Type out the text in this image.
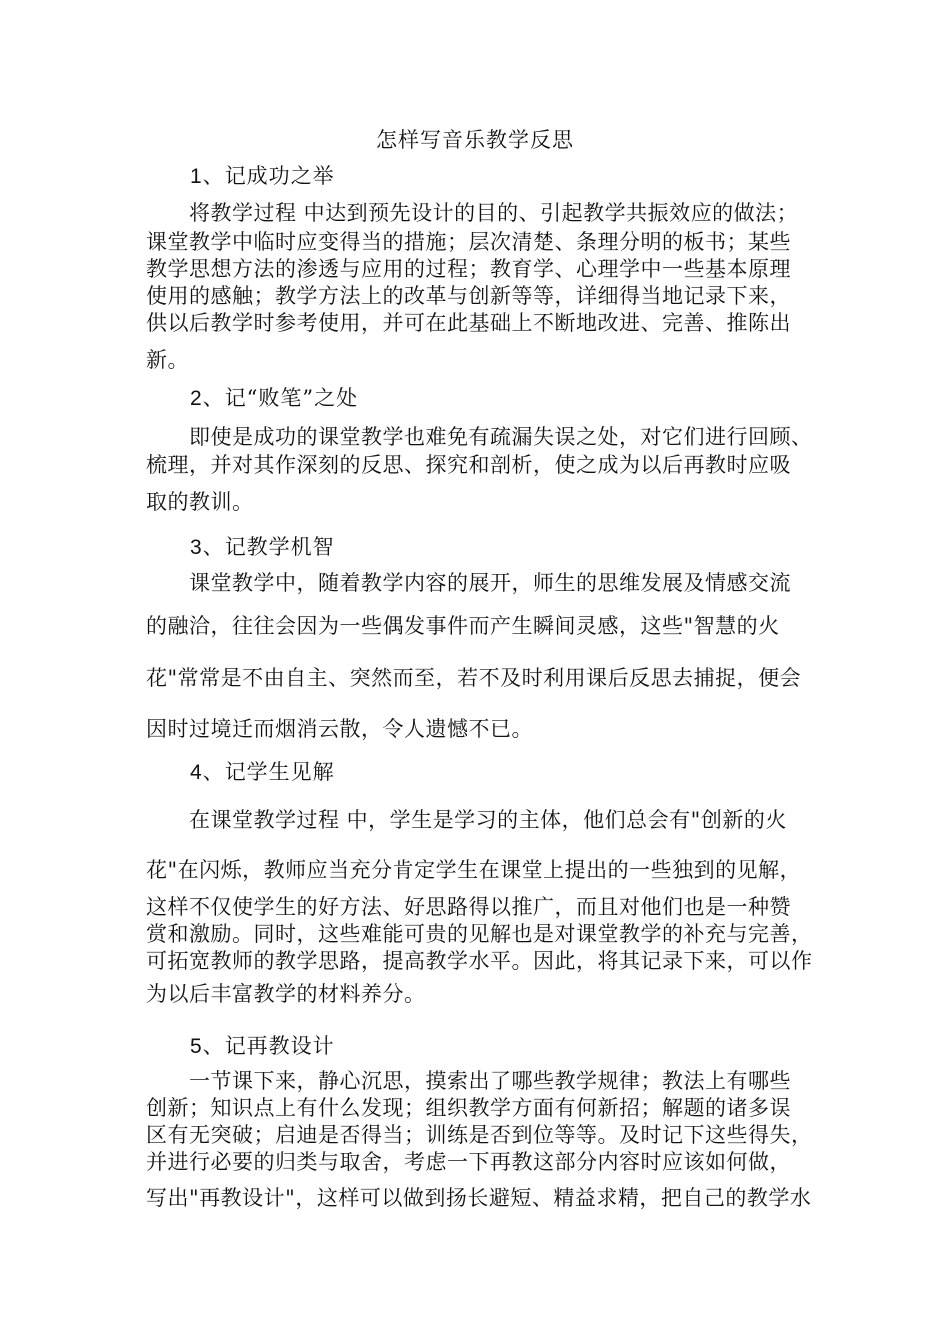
怎样写音乐教学反思
1、记成功之举
　　将教学过程 中达到预先设计的目的、引起教学共振效应的做法；
课堂教学中临时应变得当的措施；层次清楚、条理分明的板书；某些
教学思想方法的渗透与应用的过程；教育学、心理学中一些基本原理
使用的感触；教学方法上的改革与创新等等，详细得当地记录下来，
供以后教学时参考使用，并可在此基础上不断地改进、完善、推陈出
新。
2、记“败笔”之处
　　即使是成功的课堂教学也难免有疏漏失误之处，对它们进行回顾、
梳理，并对其作深刻的反思、探究和剖析，使之成为以后再教时应吸
取的教训。
3、记教学机智
　　课堂教学中，随着教学内容的展开，师生的思维发展及情感交流
的融洽，往往会因为一些偶发事件而产生瞬间灵感，这些"智慧的火
花"常常是不由自主、突然而至，若不及时利用课后反思去捕捉，便会
因时过境迁而烟消云散，令人遗憾不已。
4、记学生见解
　　在课堂教学过程 中，学生是学习的主体，他们总会有"创新的火
花"在闪烁，教师应当充分肯定学生在课堂上提出的一些独到的见解，
这样不仅使学生的好方法、好思路得以推广，而且对他们也是一种赞
赏和激励。同时，这些难能可贵的见解也是对课堂教学的补充与完善，
可拓宽教师的教学思路，提高教学水平。因此，将其记录下来，可以作
为以后丰富教学的材料养分。
5、记再教设计
　　一节课下来，静心沉思，摸索出了哪些教学规律；教法上有哪些
创新；知识点上有什么发现；组织教学方面有何新招；解题的诸多误
区有无突破；启迪是否得当；训练是否到位等等。及时记下这些得失，
并进行必要的归类与取舍，考虑一下再教这部分内容时应该如何做，
写出"再教设计"，这样可以做到扬长避短、精益求精，把自己的教学水
